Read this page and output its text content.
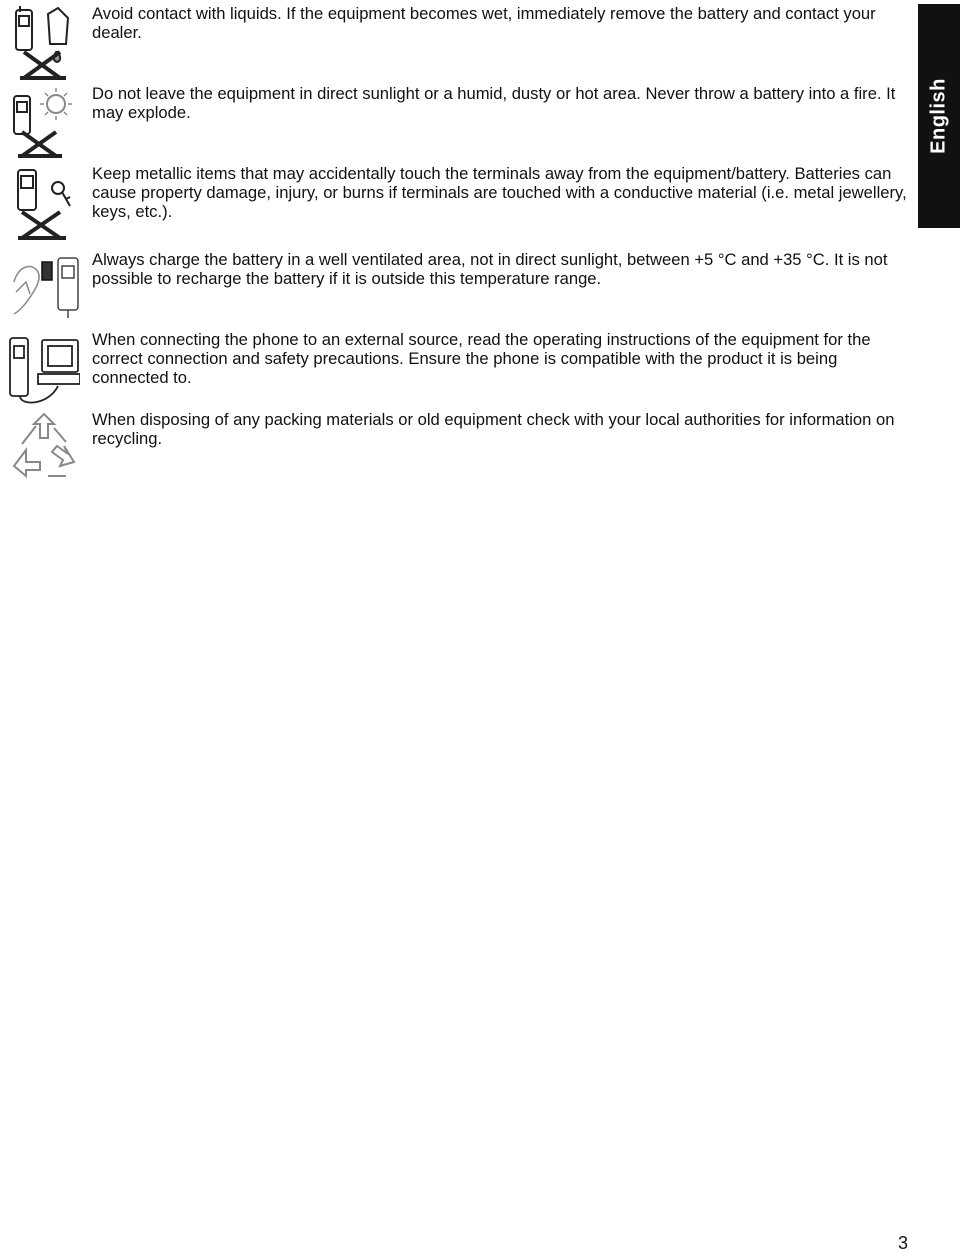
English

Avoid contact with liquids. If the equipment becomes wet, immediately remove the battery and contact your dealer.

Do not leave the equipment in direct sunlight or a humid, dusty or hot area. Never throw a battery into a fire. It may explode.

Keep metallic items that may accidentally touch the terminals away from the equipment/battery. Batteries can cause property damage, injury, or burns if terminals are touched with a conductive material (i.e. metal jewellery, keys, etc.).

Always charge the battery in a well ventilated area, not in direct sunlight, between +5 °C and +35 °C. It is not possible to recharge the battery if it is outside this temperature range.

When connecting the phone to an external source, read the operating instructions of the equipment for the correct connection and safety precautions. Ensure the phone is compatible with the product it is being connected to.

When disposing of any packing materials or old equipment check with your local authorities for information on recycling.

3
